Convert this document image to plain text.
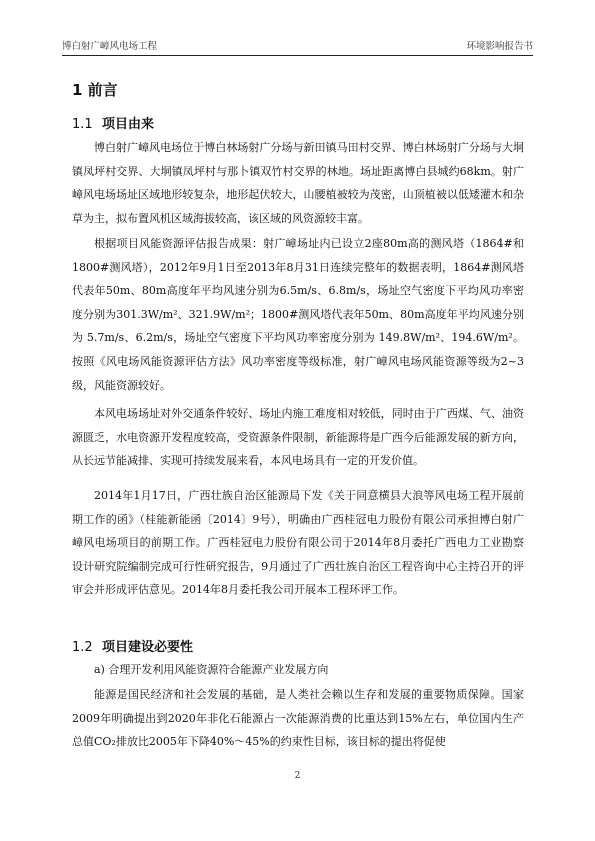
博白射广嶂风电场工程	环境影响报告书
1 前言
1.1 项目由来

博白射广嶂风电场位于博白林场射广分场与新田镇马田村交界、博白林场射广分场与大垌镇凤坪村交界、大垌镇凤坪村与那卜镇双竹村交界的林地。场址距离博白县城约68km。射广嶂风电场场址区域地形较复杂，地形起伏较大，山腰植被较为茂密，山顶植被以低矮灌木和杂草为主，拟布置风机区域海拔较高，该区域的风资源较丰富。

根据项目风能资源评估报告成果：射广嶂场址内已设立2座80m高的测风塔（1864#和1800#测风塔），2012年9月1日至2013年8月31日连续完整年的数据表明，1864#测风塔代表年50m、80m高度年平均风速分别为6.5m/s、6.8m/s，场址空气密度下平均风功率密度分别为301.3W/m²、321.9W/m²；1800#测风塔代表年50m、80m高度年平均风速分别为 5.7m/s、6.2m/s，场址空气密度下平均风功率密度分别为 149.8W/m²、194.6W/m²。按照《风电场风能资源评估方法》风功率密度等级标准，射广嶂风电场风能资源等级为2~3级，风能资源较好。

本风电场场址对外交通条件较好、场址内施工难度相对较低，同时由于广西煤、气、油资源匮乏，水电资源开发程度较高，受资源条件限制，新能源将是广西今后能源发展的新方向，从长远节能减排、实现可持续发展来看，本风电场具有一定的开发价值。

2014年1月17日，广西壮族自治区能源局下发《关于同意横县大浪等风电场工程开展前期工作的函》（桂能新能函〔2014〕9号），明确由广西桂冠电力股份有限公司承担博白射广嶂风电场项目的前期工作。广西桂冠电力股份有限公司于2014年8月委托广西电力工业勘察设计研究院编制完成可行性研究报告，9月通过了广西壮族自治区工程咨询中心主持召开的评审会并形成评估意见。2014年8月委托我公司开展本工程环评工作。

1.2 项目建设必要性
a) 合理开发利用风能资源符合能源产业发展方向

能源是国民经济和社会发展的基础，是人类社会赖以生存和发展的重要物质保障。国家2009年明确提出到2020年非化石能源占一次能源消费的比重达到15%左右，单位国内生产总值CO₂排放比2005年下降40%～45%的约束性目标，该目标的提出将促使

2
